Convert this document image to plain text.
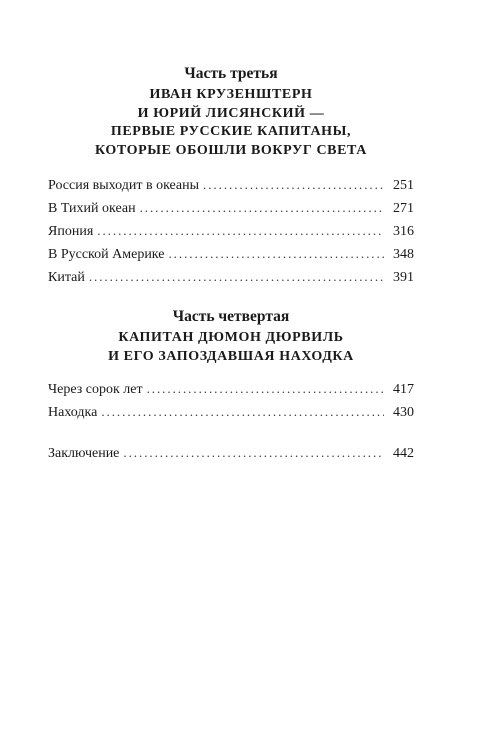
Часть третья
ИВАН КРУЗЕНШТЕРН
И ЮРИЙ ЛИСЯНСКИЙ —
ПЕРВЫЕ РУССКИЕ КАПИТАНЫ,
КОТОРЫЕ ОБОШЛИ ВОКРУГ СВЕТА
Россия выходит в океаны . . .	251
В Тихий океан . . .	271
Япония . . .	316
В Русской Америке . . .	348
Китай . . .	391
Часть четвертая
КАПИТАН ДЮМОН ДЮРВИЛЬ
И ЕГО ЗАПОЗДАВШАЯ НАХОДКА
Через сорок лет . . .	417
Находка . . .	430
Заключение . . .	442
